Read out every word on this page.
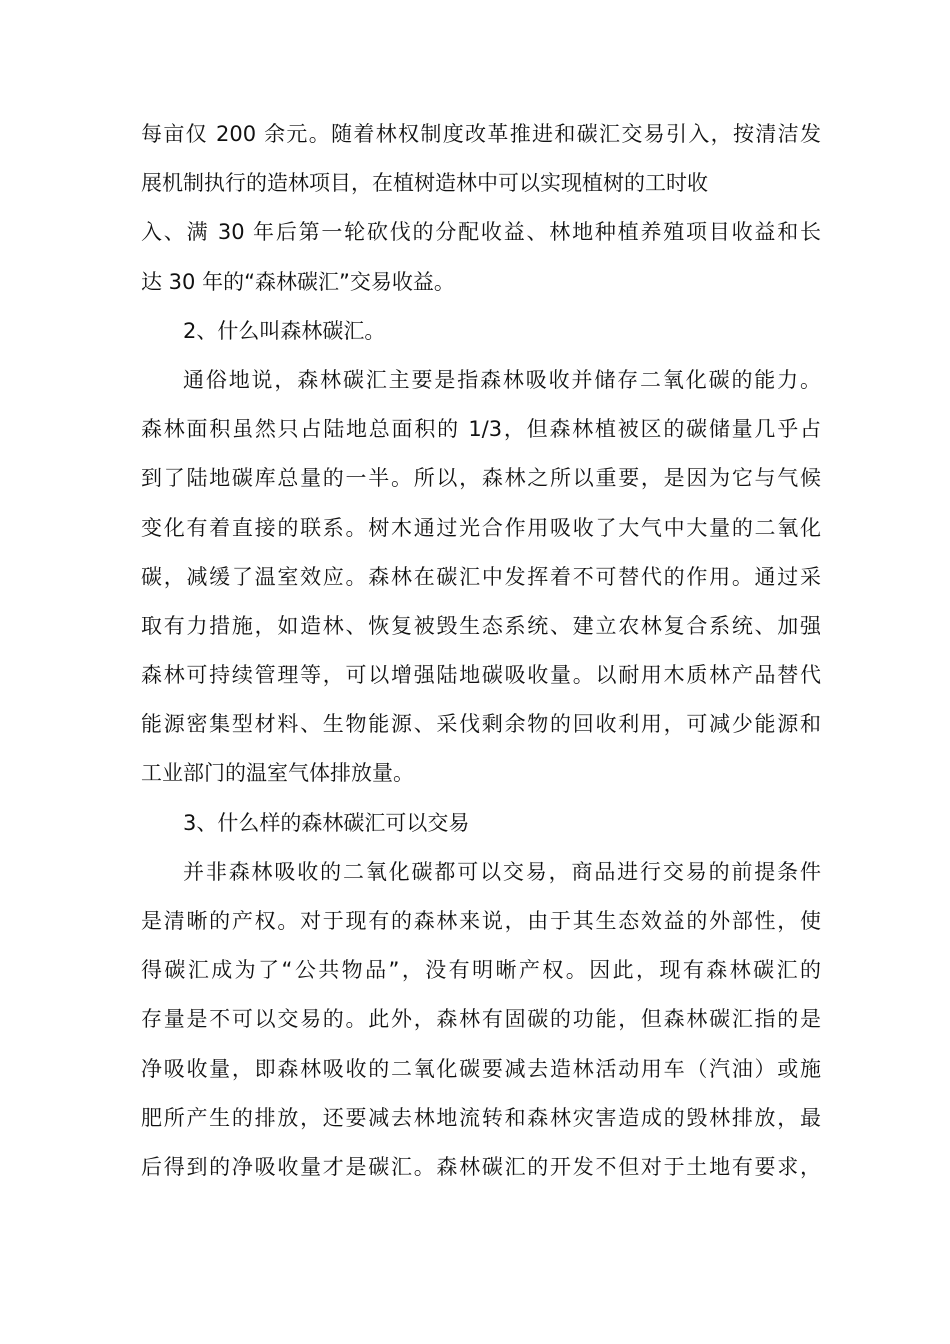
每亩仅 200 余元。随着林权制度改革推进和碳汇交易引入，按清洁发
展机制执行的造林项目，在植树造林中可以实现植树的工时收
入、满 30 年后第一轮砍伐的分配收益、林地种植养殖项目收益和长
达 30 年的“森林碳汇”交易收益。
2、什么叫森林碳汇。
通俗地说，森林碳汇主要是指森林吸收并储存二氧化碳的能力。
森林面积虽然只占陆地总面积的 1/3，但森林植被区的碳储量几乎占
到了陆地碳库总量的一半。所以，森林之所以重要，是因为它与气候
变化有着直接的联系。树木通过光合作用吸收了大气中大量的二氧化
碳，减缓了温室效应。森林在碳汇中发挥着不可替代的作用。通过采
取有力措施，如造林、恢复被毁生态系统、建立农林复合系统、加强
森林可持续管理等，可以增强陆地碳吸收量。以耐用木质林产品替代
能源密集型材料、生物能源、采伐剩余物的回收利用，可减少能源和
工业部门的温室气体排放量。
3、什么样的森林碳汇可以交易
并非森林吸收的二氧化碳都可以交易，商品进行交易的前提条件
是清晰的产权。对于现有的森林来说，由于其生态效益的外部性，使
得碳汇成为了“公共物品”，没有明晰产权。因此，现有森林碳汇的
存量是不可以交易的。此外，森林有固碳的功能，但森林碳汇指的是
净吸收量，即森林吸收的二氧化碳要减去造林活动用车（汽油）或施
肥所产生的排放，还要减去林地流转和森林灾害造成的毁林排放，最
后得到的净吸收量才是碳汇。森林碳汇的开发不但对于土地有要求，
